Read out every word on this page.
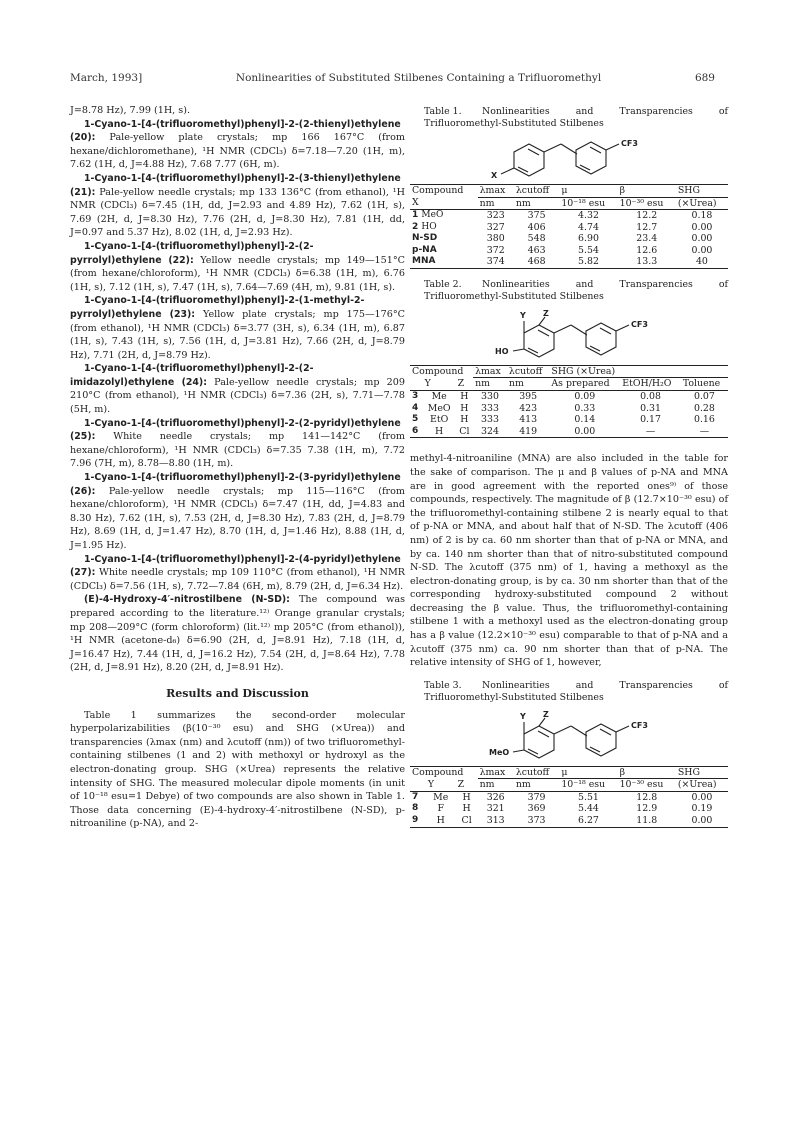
March, 1993]	Nonlinearities of Substituted Stilbenes Containing a Trifluoromethyl	689

J=8.78 Hz), 7.99 (1H, s).

1-Cyano-1-[4-(trifluoromethyl)phenyl]-2-(2-thienyl)ethylene (20): Pale-yellow plate crystals; mp 166 167°C (from hexane/dichloromethane), ¹H NMR (CDCl₃) δ=7.18—7.20 (1H, m), 7.62 (1H, d, J=4.88 Hz), 7.68 7.77 (6H, m).

1-Cyano-1-[4-(trifluoromethyl)phenyl]-2-(3-thienyl)ethylene (21): Pale-yellow needle crystals; mp 133 136°C (from ethanol), ¹H NMR (CDCl₃) δ=7.45 (1H, dd, J=2.93 and 4.89 Hz), 7.62 (1H, s), 7.69 (2H, d, J=8.30 Hz), 7.76 (2H, d, J=8.30 Hz), 7.81 (1H, dd, J=0.97 and 5.37 Hz), 8.02 (1H, d, J=2.93 Hz).

1-Cyano-1-[4-(trifluoromethyl)phenyl]-2-(2-pyrrolyl)ethylene (22): Yellow needle crystals; mp 149—151°C (from hexane/chloroform), ¹H NMR (CDCl₃) δ=6.38 (1H, m), 6.76 (1H, s), 7.12 (1H, s), 7.47 (1H, s), 7.64—7.69 (4H, m), 9.81 (1H, s).

1-Cyano-1-[4-(trifluoromethyl)phenyl]-2-(1-methyl-2-pyrrolyl)ethylene (23): Yellow plate crystals; mp 175—176°C (from ethanol), ¹H NMR (CDCl₃) δ=3.77 (3H, s), 6.34 (1H, m), 6.87 (1H, s), 7.43 (1H, s), 7.56 (1H, d, J=3.81 Hz), 7.66 (2H, d, J=8.79 Hz), 7.71 (2H, d, J=8.79 Hz).

1-Cyano-1-[4-(trifluoromethyl)phenyl]-2-(2-imidazolyl)ethylene (24): Pale-yellow needle crystals; mp 209 210°C (from ethanol), ¹H NMR (CDCl₃) δ=7.36 (2H, s), 7.71—7.78 (5H, m).

1-Cyano-1-[4-(trifluoromethyl)phenyl]-2-(2-pyridyl)ethylene (25): White needle crystals; mp 141—142°C (from hexane/chloroform), ¹H NMR (CDCl₃) δ=7.35 7.38 (1H, m), 7.72 7.96 (7H, m), 8.78—8.80 (1H, m).

1-Cyano-1-[4-(trifluoromethyl)phenyl]-2-(3-pyridyl)ethylene (26): Pale-yellow needle crystals; mp 115—116°C (from hexane/chloroform), ¹H NMR (CDCl₃) δ=7.47 (1H, dd, J=4.83 and 8.30 Hz), 7.62 (1H, s), 7.53 (2H, d, J=8.30 Hz), 7.83 (2H, d, J=8.79 Hz), 8.69 (1H, d, J=1.47 Hz), 8.70 (1H, d, J=1.46 Hz), 8.88 (1H, d, J=1.95 Hz).

1-Cyano-1-[4-(trifluoromethyl)phenyl]-2-(4-pyridyl)ethylene (27): White needle crystals; mp 109 110°C (from ethanol), ¹H NMR (CDCl₃) δ=7.56 (1H, s), 7.72—7.84 (6H, m), 8.79 (2H, d, J=6.34 Hz).

(E)-4-Hydroxy-4′-nitrostilbene (N-SD): The compound was prepared according to the literature.¹²⁾ Orange granular crystals; mp 208—209°C (form chloroform) (lit.¹²⁾ mp 205°C (from ethanol)), ¹H NMR (acetone-d₆) δ=6.90 (2H, d, J=8.91 Hz), 7.18 (1H, d, J=16.47 Hz), 7.44 (1H, d, J=16.2 Hz), 7.54 (2H, d, J=8.64 Hz), 7.78 (2H, d, J=8.91 Hz), 8.20 (2H, d, J=8.91 Hz).

Results and Discussion

Table 1 summarizes the second-order molecular hyperpolarizabilities (β(10⁻³⁰ esu) and SHG (×Urea)) and transparencies (λmax (nm) and λcutoff (nm)) of two trifluoromethyl-containing stilbenes (1 and 2) with methoxyl or hydroxyl as the electron-donating group. SHG (×Urea) represents the relative intensity of SHG. The measured molecular dipole moments (in unit of 10⁻¹⁸ esu=1 Debye) of two compounds are also shown in Table 1. Those data concerning (E)-4-hydroxy-4′-nitrostilbene (N-SD), p-nitroaniline (p-NA), and 2-

Table 1. Nonlinearities and Transparencies of Trifluoromethyl-Substituted Stilbenes
X
CF3
Compound	λmax	λcutoff	μ	β	SHG
X	nm	nm	10⁻¹⁸ esu	10⁻³⁰ esu	(×Urea)
1 MeO	323	375	4.32	12.2	0.18
2 HO	327	406	4.74	12.7	0.00
N-SD	380	548	6.90	23.4	0.00
p-NA	372	463	5.54	12.6	0.00
MNA	374	468	5.82	13.3	40
Table 2. Nonlinearities and Transparencies of Trifluoromethyl-Substituted Stilbenes
Y Z
HO
CF3
Compound			λmax	λcutoff	SHG (×Urea)		
	Y	Z	nm	nm	As prepared	EtOH/H₂O	Toluene
3	Me	H	330	395	0.09	0.08	0.07
4	MeO	H	333	423	0.33	0.31	0.28
5	EtO	H	333	413	0.14	0.17	0.16
6	H	Cl	324	419	0.00	—	—

methyl-4-nitroaniline (MNA) are also included in the table for the sake of comparison. The μ and β values of p-NA and MNA are in good agreement with the reported ones⁹⁾ of those compounds, respectively. The magnitude of β (12.7×10⁻³⁰ esu) of the trifluoromethyl-containing stilbene 2 is nearly equal to that of p-NA or MNA, and about half that of N-SD. The λcutoff (406 nm) of 2 is by ca. 60 nm shorter than that of p-NA or MNA, and by ca. 140 nm shorter than that of nitro-substituted compound N-SD. The λcutoff (375 nm) of 1, having a methoxyl as the electron-donating group, is by ca. 30 nm shorter than that of the corresponding hydroxy-substituted compound 2 without decreasing the β value. Thus, the trifluoromethyl-containing stilbene 1 with a methoxyl used as the electron-donating group has a β value (12.2×10⁻³⁰ esu) comparable to that of p-NA and a λcutoff (375 nm) ca. 90 nm shorter than that of p-NA. The relative intensity of SHG of 1, however,

Table 3. Nonlinearities and Transparencies of Trifluoromethyl-Substituted Stilbenes
Y Z
MeO
CF3
Compound			λmax	λcutoff	μ	β	SHG
	Y	Z	nm	nm	10⁻¹⁸ esu	10⁻³⁰ esu	(×Urea)
7	Me	H	326	379	5.51	12.8	0.00
8	F	H	321	369	5.44	12.9	0.19
9	H	Cl	313	373	6.27	11.8	0.00
